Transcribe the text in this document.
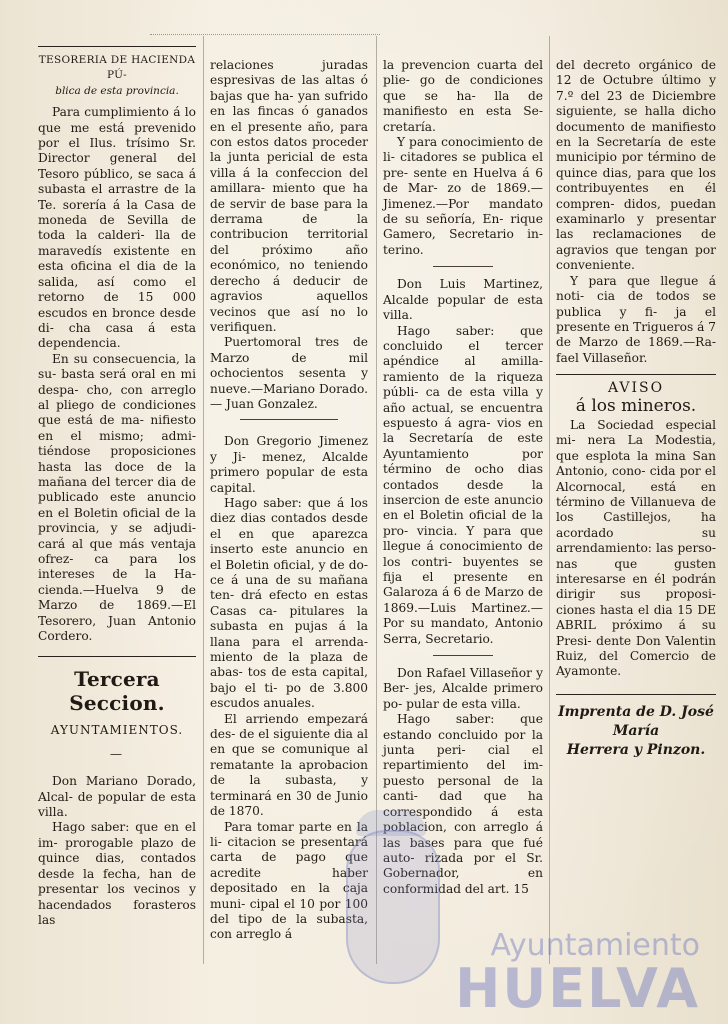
TESORERIA DE HACIENDA PÚ-

blica de esta provincia.

Para cumplimiento á lo que me está prevenido por el Ilus. trísimo Sr. Director general del Tesoro público, se saca á subasta el arrastre de la Te. sorería á la Casa de moneda de Sevilla de toda la calderi- lla de maravedís existente en esta oficina el dia de la salida, así como el retorno de 15 000 escudos en bronce desde di- cha casa á esta dependencia.

En su consecuencia, la su- basta será oral en mi despa- cho, con arreglo al pliego de condiciones que está de ma- nifiesto en el mismo; admi- tiéndose proposiciones hasta las doce de la mañana del tercer dia de publicado este anuncio en el Boletin oficial de la provincia, y se adjudi- cará al que más ventaja ofrez- ca para los intereses de la Ha- cienda.—Huelva 9 de Marzo de 1869.—El Tesorero, Juan Antonio Cordero.

Tercera Seccion.

AYUNTAMIENTOS.

—

Don Mariano Dorado, Alcal- de popular de esta villa.

Hago saber: que en el im- prorogable plazo de quince dias, contados desde la fecha, han de presentar los vecinos y hacendados forasteros las

relaciones juradas espresivas de las altas ó bajas que ha- yan sufrido en las fincas ó ganados en el presente año, para con estos datos proceder la junta pericial de esta villa á la confeccion del amillara- miento que ha de servir de base para la derrama de la contribucion territorial del próximo año económico, no teniendo derecho á deducir de agravios aquellos vecinos que así no lo verifiquen.

Puertomoral tres de Marzo de mil ochocientos sesenta y nueve.—Mariano Dorado.— Juan Gonzalez.

Don Gregorio Jimenez y Ji- menez, Alcalde primero popular de esta capital.

Hago saber: que á los diez dias contados desde el en que aparezca inserto este anuncio en el Boletin oficial, y de do- ce á una de su mañana ten- drá efecto en estas Casas ca- pitulares la subasta en pujas á la llana para el arrenda- miento de la plaza de abas- tos de esta capital, bajo el ti- po de 3.800 escudos anuales.

El arriendo empezará des- de el siguiente dia al en que se comunique al rematante la aprobacion de la subasta, y terminará en 30 de Junio de 1870.

Para tomar parte en la li- citacion se presentará carta de pago que acredite haber depositado en la caja muni- cipal el 10 por 100 del tipo de la subasta, con arreglo á

la prevencion cuarta del plie- go de condiciones que se ha- lla de manifiesto en esta Se- cretaría.

Y para conocimiento de li- citadores se publica el pre- sente en Huelva á 6 de Mar- zo de 1869.—Jimenez.—Por mandato de su señoría, En- rique Gamero, Secretario in- terino.

Don Luis Martinez, Alcalde popular de esta villa.

Hago saber: que concluido el tercer apéndice al amilla- ramiento de la riqueza públi- ca de esta villa y año actual, se encuentra espuesto á agra- vios en la Secretaría de este Ayuntamiento por término de ocho dias contados desde la insercion de este anuncio en el Boletin oficial de la pro- vincia. Y para que llegue á conocimiento de los contri- buyentes se fija el presente en Galaroza á 6 de Marzo de 1869.—Luis Martinez.—Por su mandato, Antonio Serra, Secretario.

Don Rafael Villaseñor y Ber- jes, Alcalde primero po- pular de esta villa.

Hago saber: que estando concluido por la junta peri- cial el repartimiento del im- puesto personal de la canti- dad que ha correspondido á esta poblacion, con arreglo á las bases para que fué auto- rizada por el Sr. Gobernador, en conformidad del art. 15

del decreto orgánico de 12 de Octubre último y 7.º del 23 de Diciembre siguiente, se halla dicho documento de manifiesto en la Secretaría de este municipio por término de quince dias, para que los contribuyentes en él compren- didos, puedan examinarlo y presentar las reclamaciones de agravios que tengan por conveniente.

Y para que llegue á noti- cia de todos se publica y fi- ja el presente en Trigueros á 7 de Marzo de 1869.—Ra- fael Villaseñor.

AVISO

á los mineros.

La Sociedad especial mi- nera La Modestia, que esplota la mina San Antonio, cono- cida por el Alcornocal, está en término de Villanueva de los Castillejos, ha acordado su arrendamiento: las perso- nas que gusten interesarse en él podrán dirigir sus proposi- ciones hasta el dia 15 DE ABRIL próximo á su Presi- dente Don Valentin Ruiz, del Comercio de Ayamonte.

Imprenta de D. José María

Herrera y Pinzon.

Ayuntamiento
HUELVA
